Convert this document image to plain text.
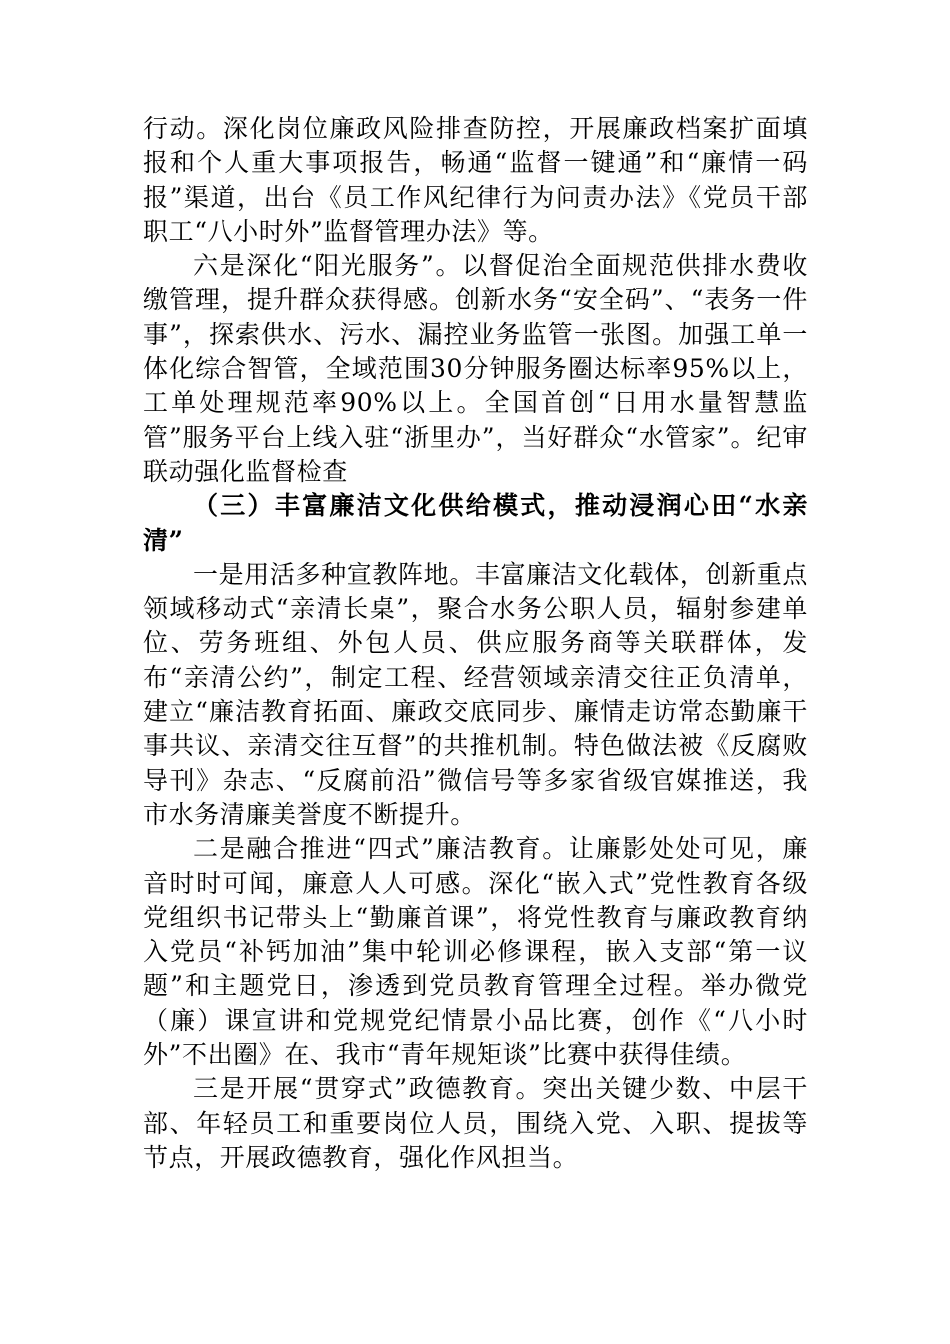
行动。深化岗位廉政风险排查防控，开展廉政档案扩面填报和个人重大事项报告，畅通“监督一键通”和“廉情一码报”渠道，出台《员工作风纪律行为问责办法》《党员干部职工“八小时外”监督管理办法》等。

六是深化“阳光服务”。以督促治全面规范供排水费收缴管理，提升群众获得感。创新水务“安全码”、“表务一件事”，探索供水、污水、漏控业务监管一张图。加强工单一体化综合智管，全域范围30分钟服务圈达标率95%以上，工单处理规范率90%以上。全国首创“日用水量智慧监管”服务平台上线入驻“浙里办”，当好群众“水管家”。纪审联动强化监督检查

（三）丰富廉洁文化供给模式，推动浸润心田“水亲清”

一是用活多种宣教阵地。丰富廉洁文化载体，创新重点领域移动式“亲清长桌”，聚合水务公职人员，辐射参建单位、劳务班组、外包人员、供应服务商等关联群体，发布“亲清公约”，制定工程、经营领域亲清交往正负清单，建立“廉洁教育拓面、廉政交底同步、廉情走访常态勤廉干事共议、亲清交往互督”的共推机制。特色做法被《反腐败导刊》杂志、“反腐前沿”微信号等多家省级官媒推送，我市水务清廉美誉度不断提升。

二是融合推进“四式”廉洁教育。让廉影处处可见，廉音时时可闻，廉意人人可感。深化“嵌入式”党性教育各级党组织书记带头上“勤廉首课”，将党性教育与廉政教育纳入党员“补钙加油”集中轮训必修课程，嵌入支部“第一议题”和主题党日，渗透到党员教育管理全过程。举办微党（廉）课宣讲和党规党纪情景小品比赛，创作《“八小时外”不出圈》在、我市“青年规矩谈”比赛中获得佳绩。

三是开展“贯穿式”政德教育。突出关键少数、中层干部、年轻员工和重要岗位人员，围绕入党、入职、提拔等节点，开展政德教育，强化作风担当。
